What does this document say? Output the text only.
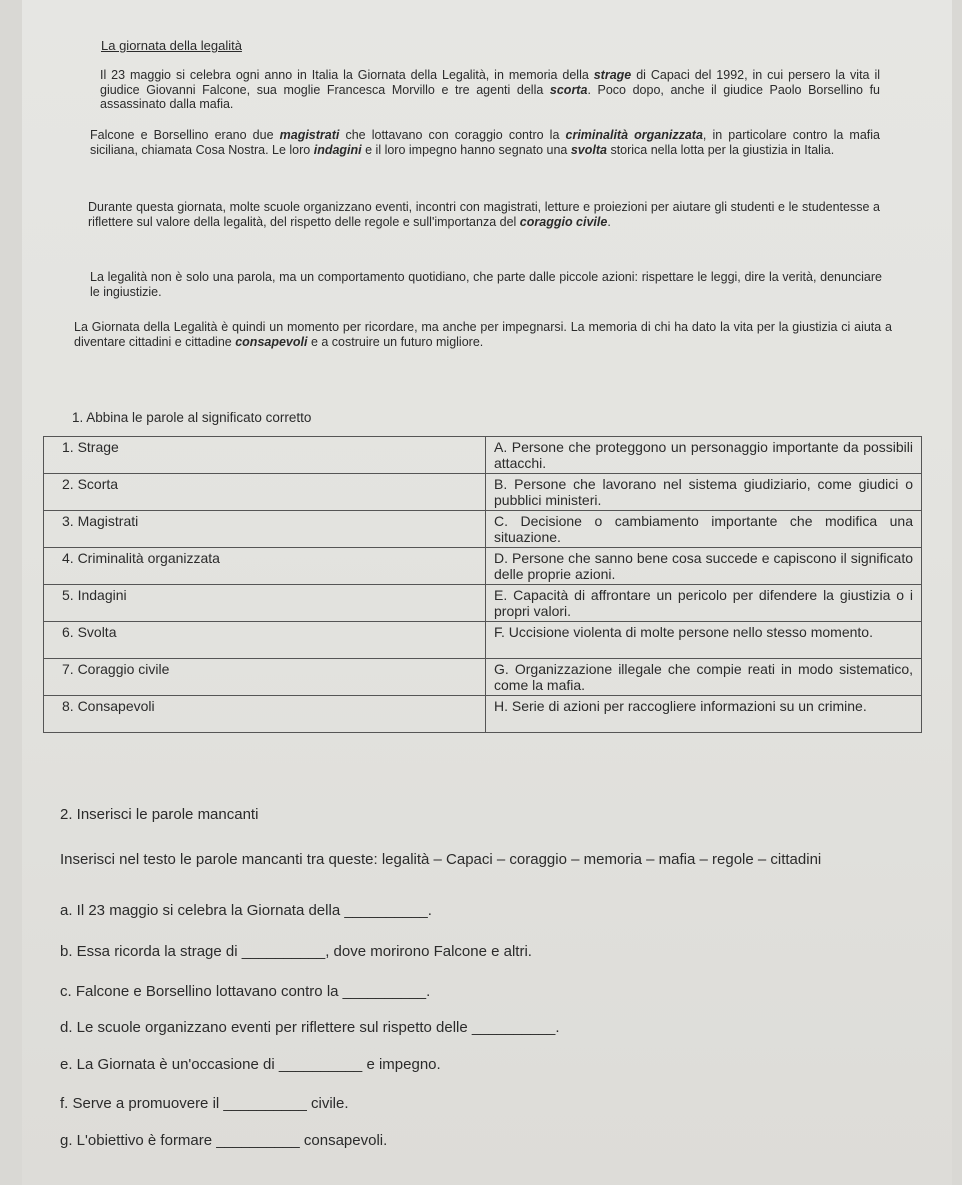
La giornata della legalità

Il 23 maggio si celebra ogni anno in Italia la Giornata della Legalità, in memoria della strage di Capaci del 1992, in cui persero la vita il giudice Giovanni Falcone, sua moglie Francesca Morvillo e tre agenti della scorta. Poco dopo, anche il giudice Paolo Borsellino fu assassinato dalla mafia.

Falcone e Borsellino erano due magistrati che lottavano con coraggio contro la criminalità organizzata, in particolare contro la mafia siciliana, chiamata Cosa Nostra. Le loro indagini e il loro impegno hanno segnato una svolta storica nella lotta per la giustizia in Italia.

Durante questa giornata, molte scuole organizzano eventi, incontri con magistrati, letture e proiezioni per aiutare gli studenti e le studentesse a riflettere sul valore della legalità, del rispetto delle regole e sull'importanza del coraggio civile.

La legalità non è solo una parola, ma un comportamento quotidiano, che parte dalle piccole azioni: rispettare le leggi, dire la verità, denunciare le ingiustizie.

La Giornata della Legalità è quindi un momento per ricordare, ma anche per impegnarsi. La memoria di chi ha dato la vita per la giustizia ci aiuta a diventare cittadini e cittadine consapevoli e a costruire un futuro migliore.

1. Abbina le parole al significato corretto
1. Strage	A. Persone che proteggono un personaggio importante da possibili attacchi.
2. Scorta	B. Persone che lavorano nel sistema giudiziario, come giudici o pubblici ministeri.
3. Magistrati	C. Decisione o cambiamento importante che modifica una situazione.
4. Criminalità organizzata	D. Persone che sanno bene cosa succede e capiscono il significato delle proprie azioni.
5. Indagini	E. Capacità di affrontare un pericolo per difendere la giustizia o i propri valori.
6. Svolta	F. Uccisione violenta di molte persone nello stesso momento.
7. Coraggio civile	G. Organizzazione illegale che compie reati in modo sistematico, come la mafia.
8. Consapevoli	H. Serie di azioni per raccogliere informazioni su un crimine.
2. Inserisci le parole mancanti
Inserisci nel testo le parole mancanti tra queste: legalità – Capaci – coraggio – memoria – mafia – regole – cittadini
a. Il 23 maggio si celebra la Giornata della __________.
b. Essa ricorda la strage di __________, dove morirono Falcone e altri.
c. Falcone e Borsellino lottavano contro la __________.
d. Le scuole organizzano eventi per riflettere sul rispetto delle __________.
e. La Giornata è un'occasione di __________ e impegno.
f. Serve a promuovere il __________ civile.
g. L'obiettivo è formare __________ consapevoli.
